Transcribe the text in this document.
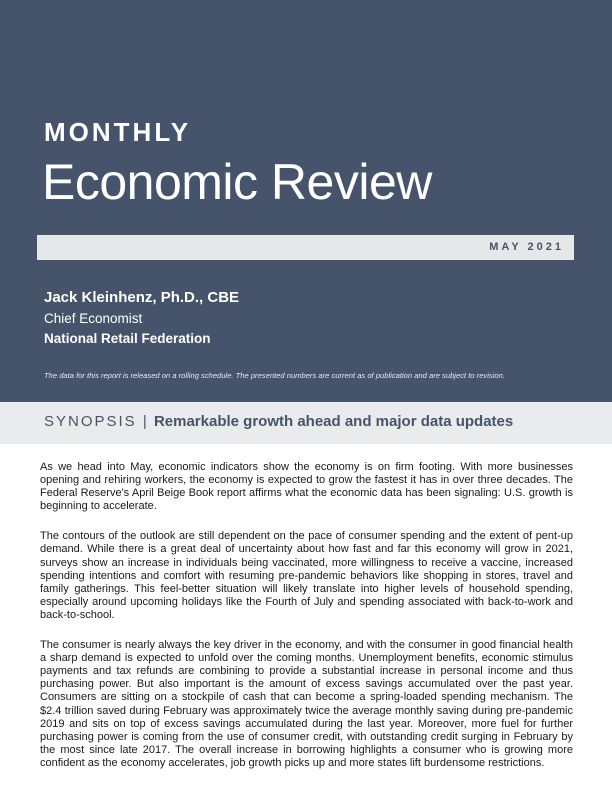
MONTHLY
Economic Review
MAY 2021
Jack Kleinhenz, Ph.D., CBE
Chief Economist
National Retail Federation
The data for this report is released on a rolling schedule. The presented numbers are current as of publication and are subject to revision.
SYNOPSIS | Remarkable growth ahead and major data updates

As we head into May, economic indicators show the economy is on firm footing. With more businesses opening and rehiring workers, the economy is expected to grow the fastest it has in over three decades. The Federal Reserve's April Beige Book report affirms what the economic data has been signaling: U.S. growth is beginning to accelerate.

The contours of the outlook are still dependent on the pace of consumer spending and the extent of pent-up demand. While there is a great deal of uncertainty about how fast and far this economy will grow in 2021, surveys show an increase in individuals being vaccinated, more willingness to receive a vaccine, increased spending intentions and comfort with resuming pre-pandemic behaviors like shopping in stores, travel and family gatherings. This feel-better situation will likely translate into higher levels of household spending, especially around upcoming holidays like the Fourth of July and spending associated with back-to-work and back-to-school.

The consumer is nearly always the key driver in the economy, and with the consumer in good financial health a sharp demand is expected to unfold over the coming months. Unemployment benefits, economic stimulus payments and tax refunds are combining to provide a substantial increase in personal income and thus purchasing power. But also important is the amount of excess savings accumulated over the past year. Consumers are sitting on a stockpile of cash that can become a spring-loaded spending mechanism. The $2.4 trillion saved during February was approximately twice the average monthly saving during pre-pandemic 2019 and sits on top of excess savings accumulated during the last year. Moreover, more fuel for further purchasing power is coming from the use of consumer credit, with outstanding credit surging in February by the most since late 2017. The overall increase in borrowing highlights a consumer who is growing more confident as the economy accelerates, job growth picks up and more states lift burdensome restrictions.
